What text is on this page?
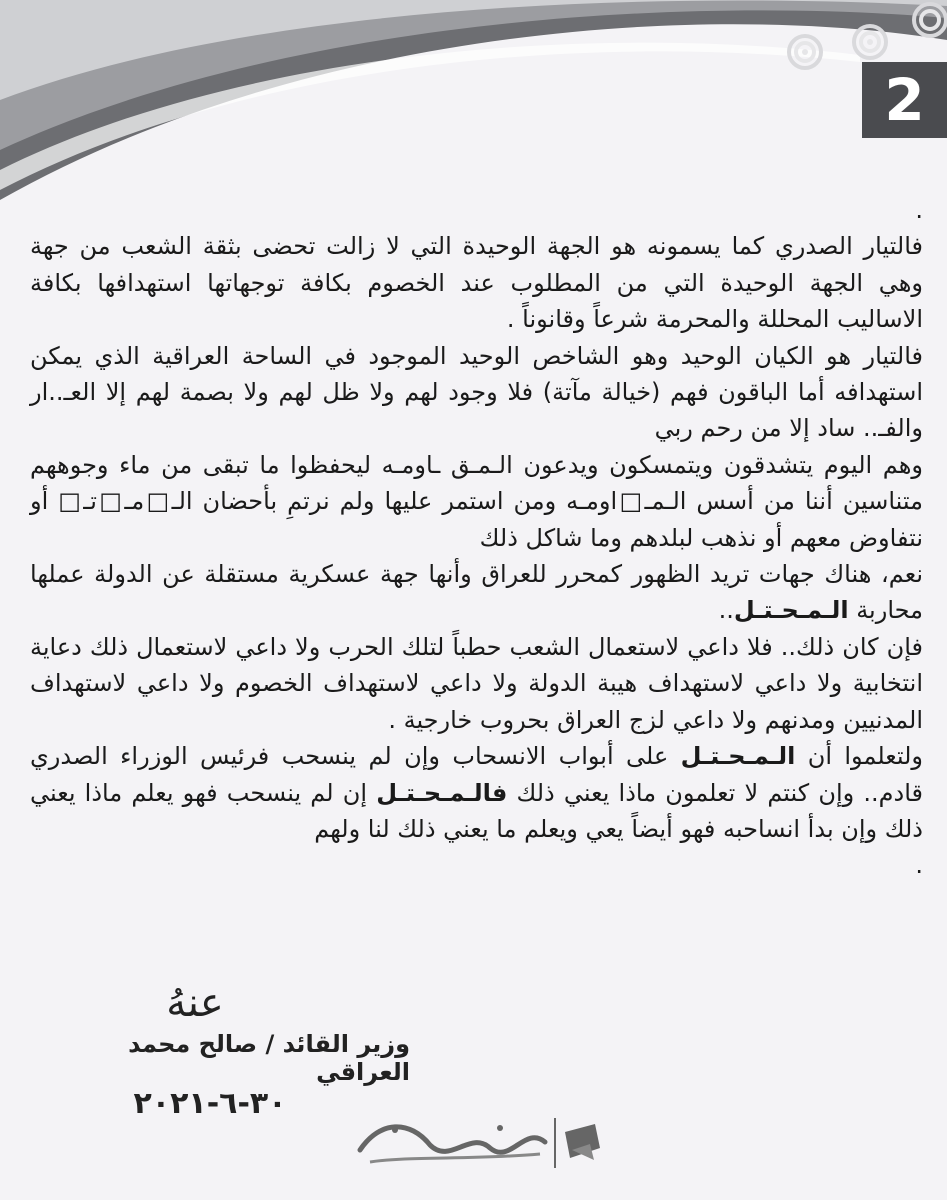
2

.

فالتيار الصدري كما يسمونه هو الجهة الوحيدة التي لا زالت تحضى بثقة الشعب من جهة وهي الجهة الوحيدة التي من المطلوب عند الخصوم بكافة توجهاتها استهدافها بكافة الاساليب المحللة والمحرمة شرعاً وقانوناً .

فالتيار هو الكيان الوحيد وهو الشاخص الوحيد الموجود في الساحة العراقية الذي يمكن استهدافه أما الباقون فهم (خيالة مآتة) فلا وجود لهم ولا ظل لهم ولا بصمة لهم إلا العـ..ار والفـ.. ساد إلا من رحم ربي

وهم اليوم يتشدقون ويتمسكون ويدعون الـمـق ـاومـه ليحفظوا ما تبقى من ماء وجوههم متناسين أننا من أسس الـمـ□اومـه ومن استمر عليها ولم نرتمِ بأحضان الـ□مـ□تـ□ أو نتفاوض معهم أو نذهب لبلدهم وما شاكل ذلك

نعم، هناك جهات تريد الظهور كمحرر للعراق وأنها جهة عسكرية مستقلة عن الدولة عملها محاربة الـمـحـتـل..

فإن كان ذلك.. فلا داعي لاستعمال الشعب حطباً لتلك الحرب ولا داعي لاستعمال ذلك دعاية انتخابية ولا داعي لاستهداف هيبة الدولة ولا داعي لاستهداف الخصوم ولا داعي لاستهداف المدنيين ومدنهم ولا داعي لزج العراق بحروب خارجية .

ولتعلموا أن الـمـحـتـل على أبواب الانسحاب وإن لم ينسحب فرئيس الوزراء الصدري قادم.. وإن كنتم لا تعلمون ماذا يعني ذلك فالـمـحـتـل إن لم ينسحب فهو يعلم ماذا يعني ذلك وإن بدأ انساحبه فهو أيضاً يعي ويعلم ما يعني ذلك لنا ولهم

.

عنهُ
وزير القائد / صالح محمد العراقي
٣٠-٦-٢٠٢١
